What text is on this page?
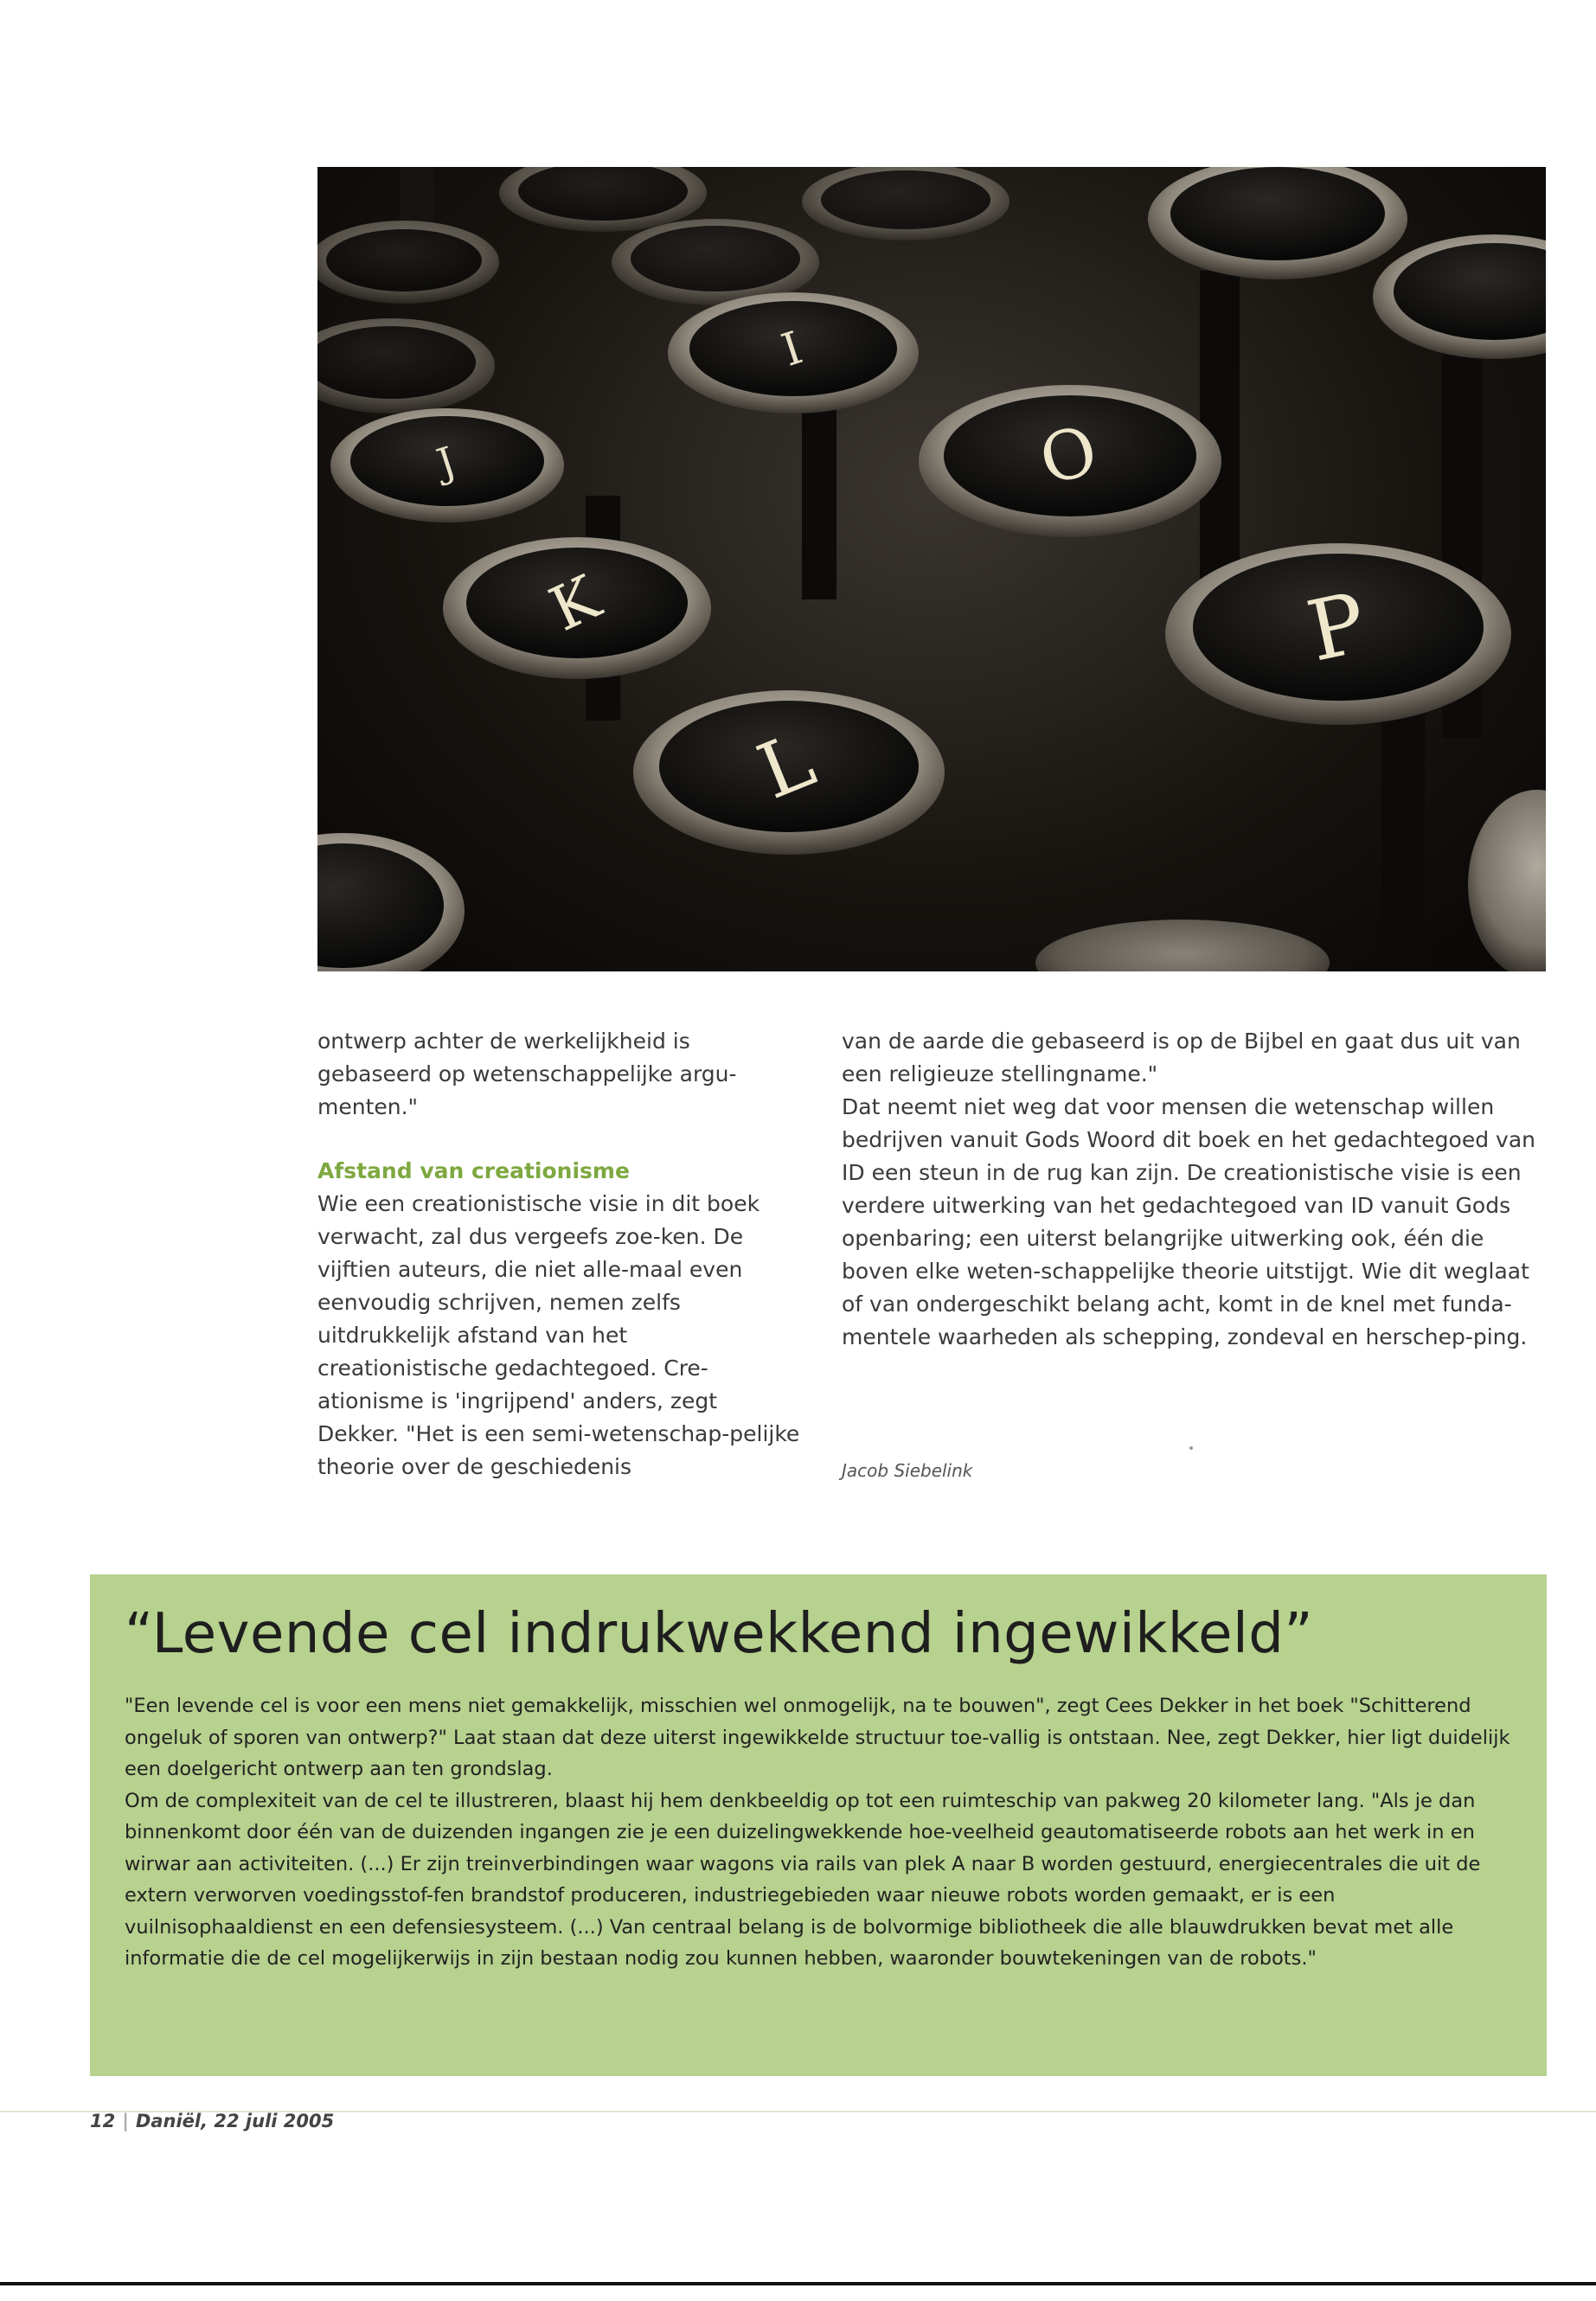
J
I
K
O
L
P

ontwerp achter de werkelijkheid is gebaseerd op wetenschappelijke argu-menten."

Afstand van creationisme

Wie een creationistische visie in dit boek verwacht, zal dus vergeefs zoe-ken. De vijftien auteurs, die niet alle-maal even eenvoudig schrijven, nemen zelfs uitdrukkelijk afstand van het creationistische gedachtegoed. Cre-ationisme is 'ingrijpend' anders, zegt Dekker. "Het is een semi-wetenschap-pelijke theorie over de geschiedenis

van de aarde die gebaseerd is op de Bijbel en gaat dus uit van een religieuze stellingname."

Dat neemt niet weg dat voor mensen die wetenschap willen bedrijven vanuit Gods Woord dit boek en het gedachtegoed van ID een steun in de rug kan zijn. De creationistische visie is een verdere uitwerking van het gedachtegoed van ID vanuit Gods openbaring; een uiterst belangrijke uitwerking ook, één die boven elke weten-schappelijke theorie uitstijgt. Wie dit weglaat of van ondergeschikt belang acht, komt in de knel met funda-mentele waarheden als schepping, zondeval en herschep-ping.

Jacob Siebelink
“Levende cel indrukwekkend ingewikkeld”

"Een levende cel is voor een mens niet gemakkelijk, misschien wel onmogelijk, na te bouwen", zegt Cees Dekker in het boek "Schitterend ongeluk of sporen van ontwerp?" Laat staan dat deze uiterst ingewikkelde structuur toe-vallig is ontstaan. Nee, zegt Dekker, hier ligt duidelijk een doelgericht ontwerp aan ten grondslag.

Om de complexiteit van de cel te illustreren, blaast hij hem denkbeeldig op tot een ruimteschip van pakweg 20 kilometer lang. "Als je dan binnenkomt door één van de duizenden ingangen zie je een duizelingwekkende hoe-veelheid geautomatiseerde robots aan het werk in en wirwar aan activiteiten. (...) Er zijn treinverbindingen waar wagons via rails van plek A naar B worden gestuurd, energiecentrales die uit de extern verworven voedingsstof-fen brandstof produceren, industriegebieden waar nieuwe robots worden gemaakt, er is een vuilnisophaaldienst en een defensiesysteem. (...) Van centraal belang is de bolvormige bibliotheek die alle blauwdrukken bevat met alle informatie die de cel mogelijkerwijs in zijn bestaan nodig zou kunnen hebben, waaronder bouwtekeningen van de robots."

12 | Daniël, 22 juli 2005
